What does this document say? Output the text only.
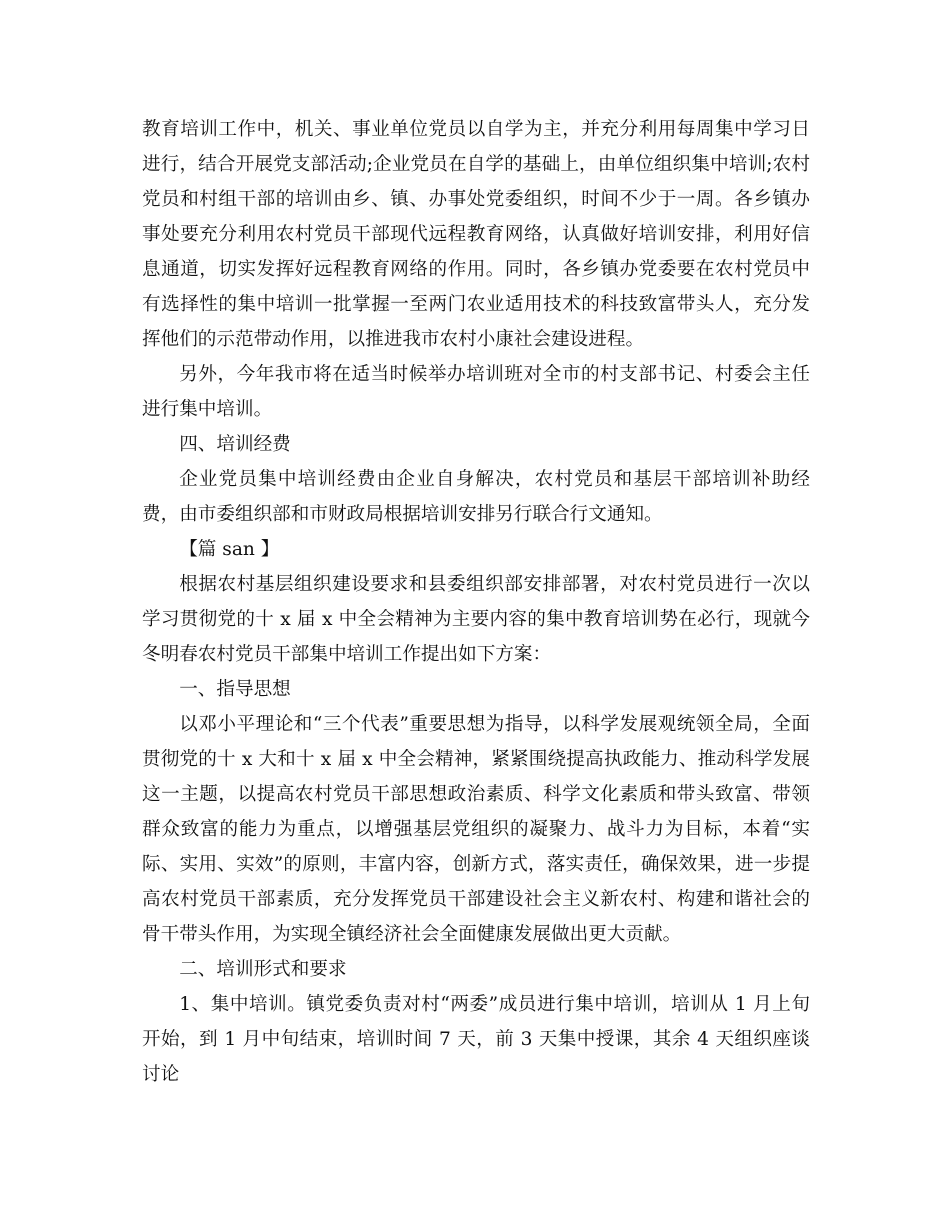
教育培训工作中，机关、事业单位党员以自学为主，并充分利用每周集中学习日进行，结合开展党支部活动;企业党员在自学的基础上，由单位组织集中培训;农村党员和村组干部的培训由乡、镇、办事处党委组织，时间不少于一周。各乡镇办事处要充分利用农村党员干部现代远程教育网络，认真做好培训安排，利用好信息通道，切实发挥好远程教育网络的作用。同时，各乡镇办党委要在农村党员中有选择性的集中培训一批掌握一至两门农业适用技术的科技致富带头人，充分发挥他们的示范带动作用，以推进我市农村小康社会建设进程。

另外，今年我市将在适当时候举办培训班对全市的村支部书记、村委会主任进行集中培训。

四、培训经费

企业党员集中培训经费由企业自身解决，农村党员和基层干部培训补助经费，由市委组织部和市财政局根据培训安排另行联合行文通知。

【篇 san 】

根据农村基层组织建设要求和县委组织部安排部署，对农村党员进行一次以学习贯彻党的十 x 届 x 中全会精神为主要内容的集中教育培训势在必行，现就今冬明春农村党员干部集中培训工作提出如下方案：

一、指导思想

以邓小平理论和“三个代表”重要思想为指导，以科学发展观统领全局，全面贯彻党的十 x 大和十 x 届 x 中全会精神，紧紧围绕提高执政能力、推动科学发展这一主题，以提高农村党员干部思想政治素质、科学文化素质和带头致富、带领群众致富的能力为重点，以增强基层党组织的凝聚力、战斗力为目标，本着“实际、实用、实效”的原则，丰富内容，创新方式，落实责任，确保效果，进一步提高农村党员干部素质，充分发挥党员干部建设社会主义新农村、构建和谐社会的骨干带头作用，为实现全镇经济社会全面健康发展做出更大贡献。

二、培训形式和要求

1、集中培训。镇党委负责对村“两委”成员进行集中培训，培训从 1 月上旬开始，到 1 月中旬结束，培训时间 7 天，前 3 天集中授课，其余 4 天组织座谈讨论
